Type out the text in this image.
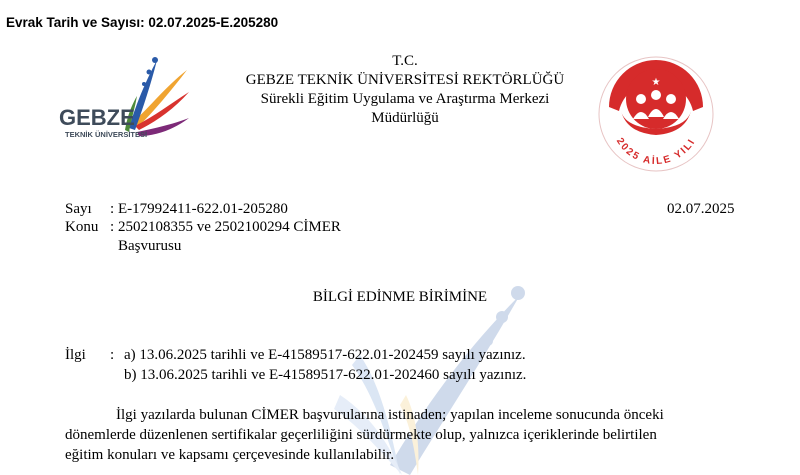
Evrak Tarih ve Sayısı: 02.07.2025-E.205280
GEBZE
TEKNİK ÜNİVERSİTESİ
T.C.
GEBZE TEKNİK ÜNİVERSİTESİ REKTÖRLÜĞÜ
Sürekli Eğitim Uygulama ve Araştırma Merkezi
Müdürlüğü
★
2025 AİLE YILI
Sayı : E-17992411-622.01-205280
Konu : 2502108355 ve 2502100294 CİMER
Başvurusu
02.07.2025
BİLGİ EDİNME BİRİMİNE
İlgi : a) 13.06.2025 tarihli ve E-41589517-622.01-202459 sayılı yazınız.
b) 13.06.2025 tarihli ve E-41589517-622.01-202460 sayılı yazınız.
İlgi yazılarda bulunan CİMER başvurularına istinaden; yapılan inceleme sonucunda önceki
dönemlerde düzenlenen sertifikalar geçerliliğini sürdürmekte olup, yalnızca içeriklerinde belirtilen
eğitim konuları ve kapsamı çerçevesinde kullanılabilir.
